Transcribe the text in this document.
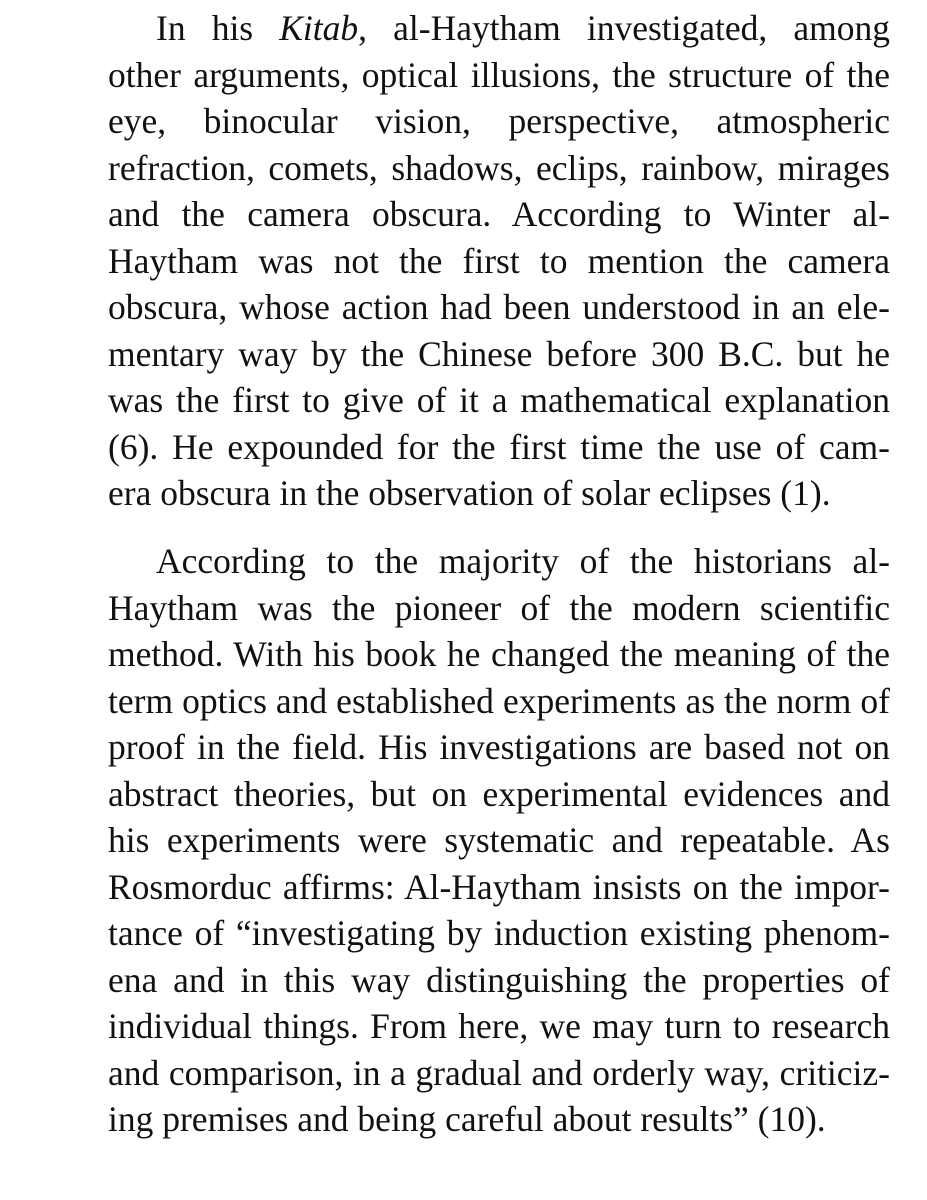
In his Kitab, al-Haytham investigated, among
other arguments, optical illusions, the structure of the
eye, binocular vision, perspective, atmospheric
refraction, comets, shadows, eclips, rainbow, mirages
and the camera obscura. According to Winter al-
Haytham was not the first to mention the camera
obscura, whose action had been understood in an ele-
mentary way by the Chinese before 300 B.C. but he
was the first to give of it a mathematical explanation
(6). He expounded for the first time the use of cam-
era obscura in the observation of solar eclipses (1).
According to the majority of the historians al-
Haytham was the pioneer of the modern scientific
method. With his book he changed the meaning of the
term optics and established experiments as the norm of
proof in the field. His investigations are based not on
abstract theories, but on experimental evidences and
his experiments were systematic and repeatable. As
Rosmorduc affirms: Al-Haytham insists on the impor-
tance of “investigating by induction existing phenom-
ena and in this way distinguishing the properties of
individual things. From here, we may turn to research
and comparison, in a gradual and orderly way, criticiz-
ing premises and being careful about results” (10).
